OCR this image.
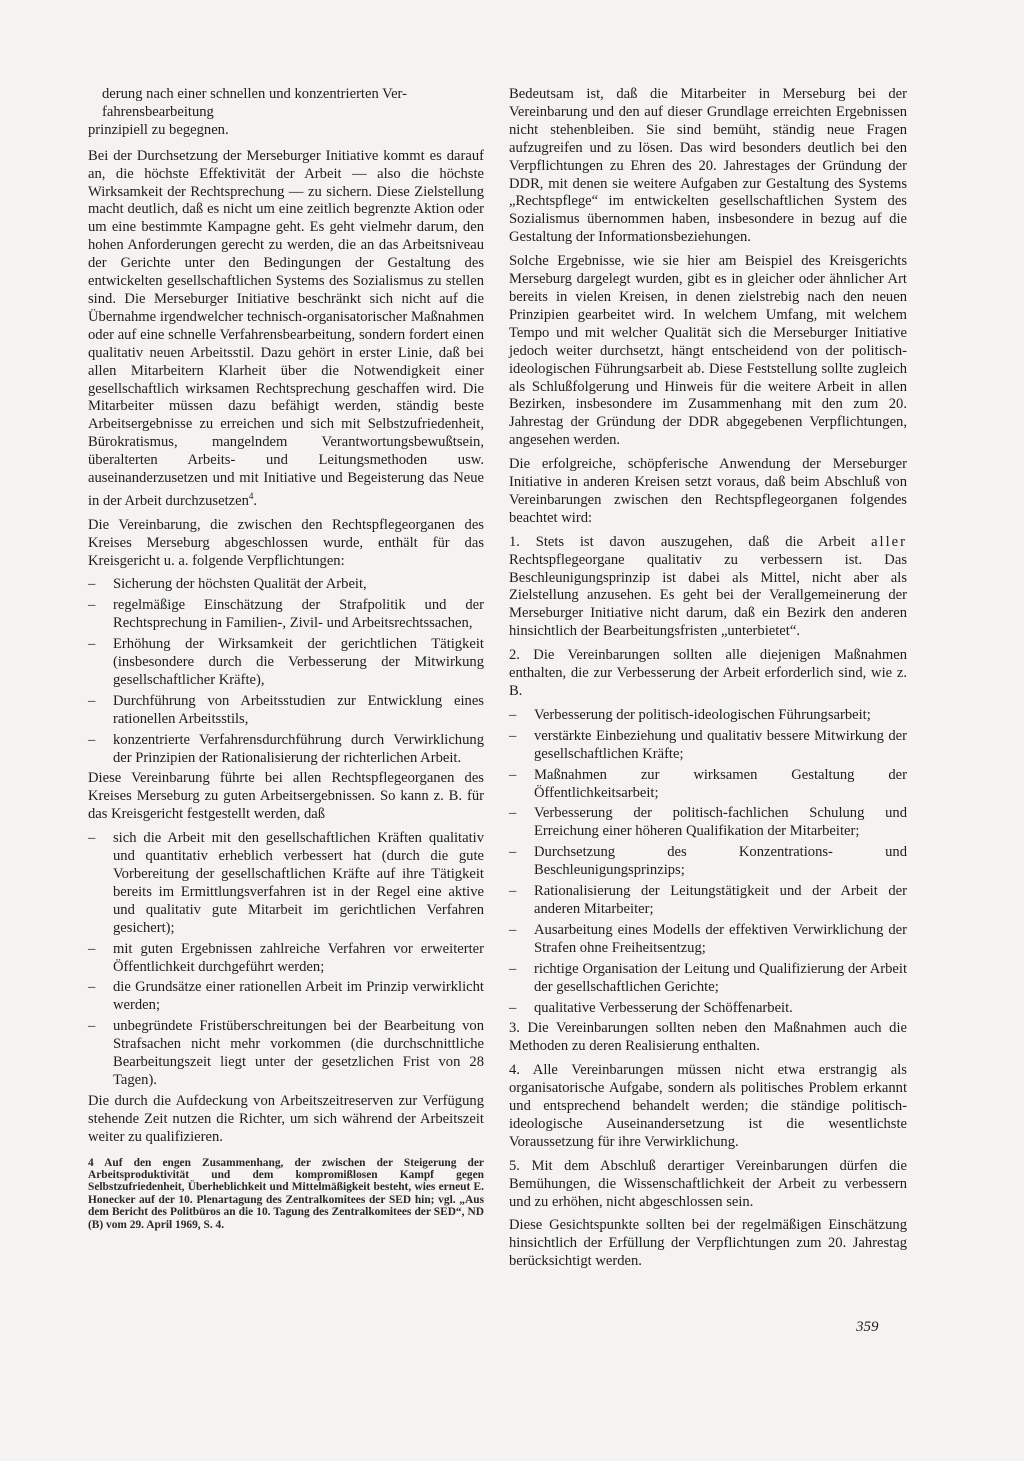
derung nach einer schnellen und konzentrierten Ver-

fahrensbearbeitung

prinzipiell zu begegnen.

Bei der Durchsetzung der Merseburger Initiative kommt es darauf an, die höchste Effektivität der Arbeit — also die höchste Wirksamkeit der Rechtsprechung — zu sichern. Diese Zielstellung macht deutlich, daß es nicht um eine zeitlich begrenzte Aktion oder um eine bestimmte Kampagne geht. Es geht vielmehr darum, den hohen Anforderungen gerecht zu werden, die an das Arbeitsniveau der Gerichte unter den Bedingungen der Gestaltung des entwickelten gesellschaftlichen Systems des Sozialismus zu stellen sind. Die Merseburger Initiative beschränkt sich nicht auf die Übernahme irgendwelcher technisch-organisatorischer Maßnahmen oder auf eine schnelle Verfahrensbearbeitung, sondern fordert einen qualitativ neuen Arbeitsstil. Dazu gehört in erster Linie, daß bei allen Mitarbeitern Klarheit über die Notwendigkeit einer gesellschaftlich wirksamen Rechtsprechung geschaffen wird. Die Mitarbeiter müssen dazu befähigt werden, ständig beste Arbeitsergebnisse zu erreichen und sich mit Selbstzufriedenheit, Bürokratismus, mangelndem Verantwortungsbewußtsein, überalterten Arbeits- und Leitungsmethoden usw. auseinanderzusetzen und mit Initiative und Begeisterung das Neue in der Arbeit durchzusetzen$^4$.

Die Vereinbarung, die zwischen den Rechtspflegeorganen des Kreises Merseburg abgeschlossen wurde, enthält für das Kreisgericht u. a. folgende Verpflichtungen:

– Sicherung der höchsten Qualität der Arbeit,

– regelmäßige Einschätzung der Strafpolitik und der Rechtsprechung in Familien-, Zivil- und Arbeitsrechtssachen,

– Erhöhung der Wirksamkeit der gerichtlichen Tätigkeit (insbesondere durch die Verbesserung der Mitwirkung gesellschaftlicher Kräfte),

– Durchführung von Arbeitsstudien zur Entwicklung eines rationellen Arbeitsstils,

– konzentrierte Verfahrensdurchführung durch Verwirklichung der Prinzipien der Rationalisierung der richterlichen Arbeit.

Diese Vereinbarung führte bei allen Rechtspflegeorganen des Kreises Merseburg zu guten Arbeitsergebnissen. So kann z. B. für das Kreisgericht festgestellt werden, daß

– sich die Arbeit mit den gesellschaftlichen Kräften qualitativ und quantitativ erheblich verbessert hat (durch die gute Vorbereitung der gesellschaftlichen Kräfte auf ihre Tätigkeit bereits im Ermittlungsverfahren ist in der Regel eine aktive und qualitativ gute Mitarbeit im gerichtlichen Verfahren gesichert);

– mit guten Ergebnissen zahlreiche Verfahren vor erweiterter Öffentlichkeit durchgeführt werden;

– die Grundsätze einer rationellen Arbeit im Prinzip verwirklicht werden;

– unbegründete Fristüberschreitungen bei der Bearbeitung von Strafsachen nicht mehr vorkommen (die durchschnittliche Bearbeitungszeit liegt unter der gesetzlichen Frist von 28 Tagen).

Die durch die Aufdeckung von Arbeitszeitreserven zur Verfügung stehende Zeit nutzen die Richter, um sich während der Arbeitszeit weiter zu qualifizieren.

4 Auf den engen Zusammenhang, der zwischen der Steigerung der Arbeitsproduktivität und dem kompromißlosen Kampf gegen Selbstzufriedenheit, Überheblichkeit und Mittelmäßigkeit besteht, wies erneut E. Honecker auf der 10. Plenartagung des Zentralkomitees der SED hin; vgl. „Aus dem Bericht des Politbüros an die 10. Tagung des Zentralkomitees der SED“, ND (B) vom 29. April 1969, S. 4.

Bedeutsam ist, daß die Mitarbeiter in Merseburg bei der Vereinbarung und den auf dieser Grundlage erreichten Ergebnissen nicht stehenbleiben. Sie sind bemüht, ständig neue Fragen aufzugreifen und zu lösen. Das wird besonders deutlich bei den Verpflichtungen zu Ehren des 20. Jahrestages der Gründung der DDR, mit denen sie weitere Aufgaben zur Gestaltung des Systems „Rechtspflege“ im entwickelten gesellschaftlichen System des Sozialismus übernommen haben, insbesondere in bezug auf die Gestaltung der Informationsbeziehungen.

Solche Ergebnisse, wie sie hier am Beispiel des Kreisgerichts Merseburg dargelegt wurden, gibt es in gleicher oder ähnlicher Art bereits in vielen Kreisen, in denen zielstrebig nach den neuen Prinzipien gearbeitet wird. In welchem Umfang, mit welchem Tempo und mit welcher Qualität sich die Merseburger Initiative jedoch weiter durchsetzt, hängt entscheidend von der politisch-ideologischen Führungsarbeit ab. Diese Feststellung sollte zugleich als Schlußfolgerung und Hinweis für die weitere Arbeit in allen Bezirken, insbesondere im Zusammenhang mit den zum 20. Jahrestag der Gründung der DDR abgegebenen Verpflichtungen, angesehen werden.

Die erfolgreiche, schöpferische Anwendung der Merseburger Initiative in anderen Kreisen setzt voraus, daß beim Abschluß von Vereinbarungen zwischen den Rechtspflegeorganen folgendes beachtet wird:

1. Stets ist davon auszugehen, daß die Arbeit aller Rechtspflegeorgane qualitativ zu verbessern ist. Das Beschleunigungsprinzip ist dabei als Mittel, nicht aber als Zielstellung anzusehen. Es geht bei der Verallgemeinerung der Merseburger Initiative nicht darum, daß ein Bezirk den anderen hinsichtlich der Bearbeitungsfristen „unterbietet“.

2. Die Vereinbarungen sollten alle diejenigen Maßnahmen enthalten, die zur Verbesserung der Arbeit erforderlich sind, wie z. B.

– Verbesserung der politisch-ideologischen Führungsarbeit;

– verstärkte Einbeziehung und qualitativ bessere Mitwirkung der gesellschaftlichen Kräfte;

– Maßnahmen zur wirksamen Gestaltung der Öffentlichkeitsarbeit;

– Verbesserung der politisch-fachlichen Schulung und Erreichung einer höheren Qualifikation der Mitarbeiter;

– Durchsetzung des Konzentrations- und Beschleunigungsprinzips;

– Rationalisierung der Leitungstätigkeit und der Arbeit der anderen Mitarbeiter;

– Ausarbeitung eines Modells der effektiven Verwirklichung der Strafen ohne Freiheitsentzug;

– richtige Organisation der Leitung und Qualifizierung der Arbeit der gesellschaftlichen Gerichte;

– qualitative Verbesserung der Schöffenarbeit.

3. Die Vereinbarungen sollten neben den Maßnahmen auch die Methoden zu deren Realisierung enthalten.

4. Alle Vereinbarungen müssen nicht etwa erstrangig als organisatorische Aufgabe, sondern als politisches Problem erkannt und entsprechend behandelt werden; die ständige politisch-ideologische Auseinandersetzung ist die wesentlichste Voraussetzung für ihre Verwirklichung.

5. Mit dem Abschluß derartiger Vereinbarungen dürfen die Bemühungen, die Wissenschaftlichkeit der Arbeit zu verbessern und zu erhöhen, nicht abgeschlossen sein.

Diese Gesichtspunkte sollten bei der regelmäßigen Einschätzung hinsichtlich der Erfüllung der Verpflichtungen zum 20. Jahrestag berücksichtigt werden.

359
